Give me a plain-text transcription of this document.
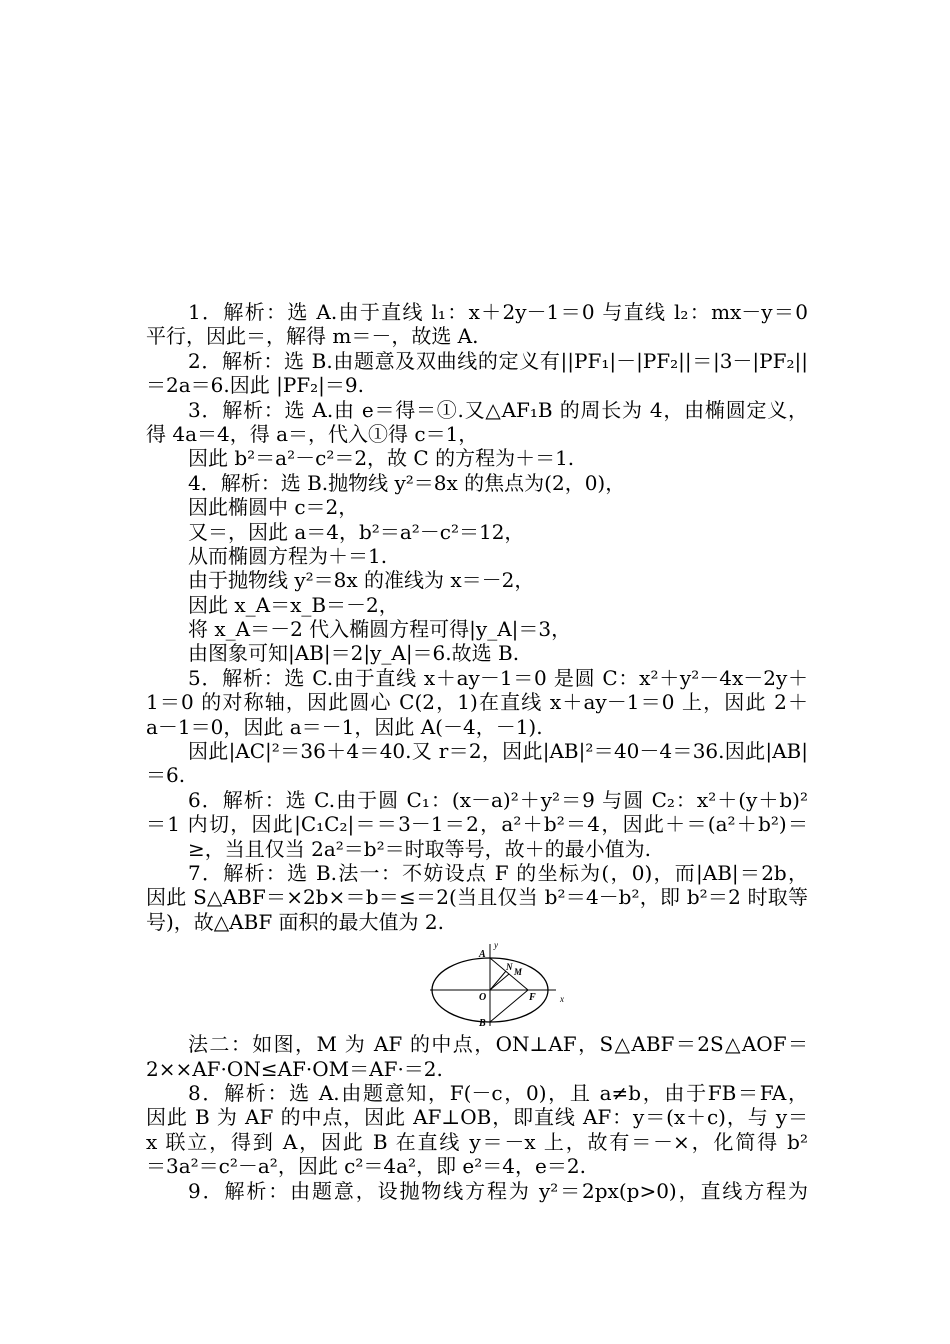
1．解析：选 A.由于直线 l₁：x＋2y－1＝0 与直线 l₂：mx－y＝0
平行，因此＝，解得 m＝－，故选 A.
2．解析：选 B.由题意及双曲线的定义有||PF₁|－|PF₂||＝|3－|PF₂||
＝2a＝6.因此 |PF₂|＝9.
3．解析：选 A.由 e＝得＝①.又△AF₁B 的周长为 4，由椭圆定义，
得 4a＝4，得 a＝，代入①得 c＝1，
因此 b²＝a²－c²＝2，故 C 的方程为＋＝1.
4．解析：选 B.抛物线 y²＝8x 的焦点为(2，0)，
因此椭圆中 c＝2，
又＝，因此 a＝4，b²＝a²－c²＝12，
从而椭圆方程为＋＝1.
由于抛物线 y²＝8x 的准线为 x＝－2，
因此 x_A＝x_B＝－2，
将 x_A＝－2 代入椭圆方程可得|y_A|＝3，
由图象可知|AB|＝2|y_A|＝6.故选 B.
5．解析：选 C.由于直线 x＋ay－1＝0 是圆 C：x²＋y²－4x－2y＋
1＝0 的对称轴，因此圆心 C(2，1)在直线 x＋ay－1＝0 上，因此 2＋
a－1＝0，因此 a＝－1，因此 A(－4，－1).
因此|AC|²＝36＋4＝40.又 r＝2，因此|AB|²＝40－4＝36.因此|AB|
＝6.
6．解析：选 C.由于圆 C₁：(x－a)²＋y²＝9 与圆 C₂：x²＋(y＋b)²
＝1 内切，因此|C₁C₂|＝＝3－1＝2，a²＋b²＝4，因此＋＝(a²＋b²)＝
≥，当且仅当 2a²＝b²＝时取等号，故＋的最小值为.
7．解析：选 B.法一：不妨设点 F 的坐标为(，0)，而|AB|＝2b，
因此 S△ABF＝×2b×＝b＝≤＝2(当且仅当 b²＝4－b²，即 b²＝2 时取等
号)，故△ABF 面积的最大值为 2.
法二：如图，M 为 AF 的中点，ON⊥AF，S△ABF＝2S△AOF＝
2××AF·ON≤AF·OM＝AF·＝2.
8．解析：选 A.由题意知，F(－c，0)，且 a≠b，由于FB＝FA，
因此 B 为 AF 的中点，因此 AF⊥OB，即直线 AF：y＝(x＋c)，与 y＝
x 联立，得到 A，因此 B 在直线 y＝－x 上，故有＝－×，化简得 b²
＝3a²＝c²－a²，因此 c²＝4a²，即 e²＝4，e＝2.
9．解析：由题意，设抛物线方程为 y²＝2px(p>0)，直线方程为
y
x
A
B
O	F
N M
